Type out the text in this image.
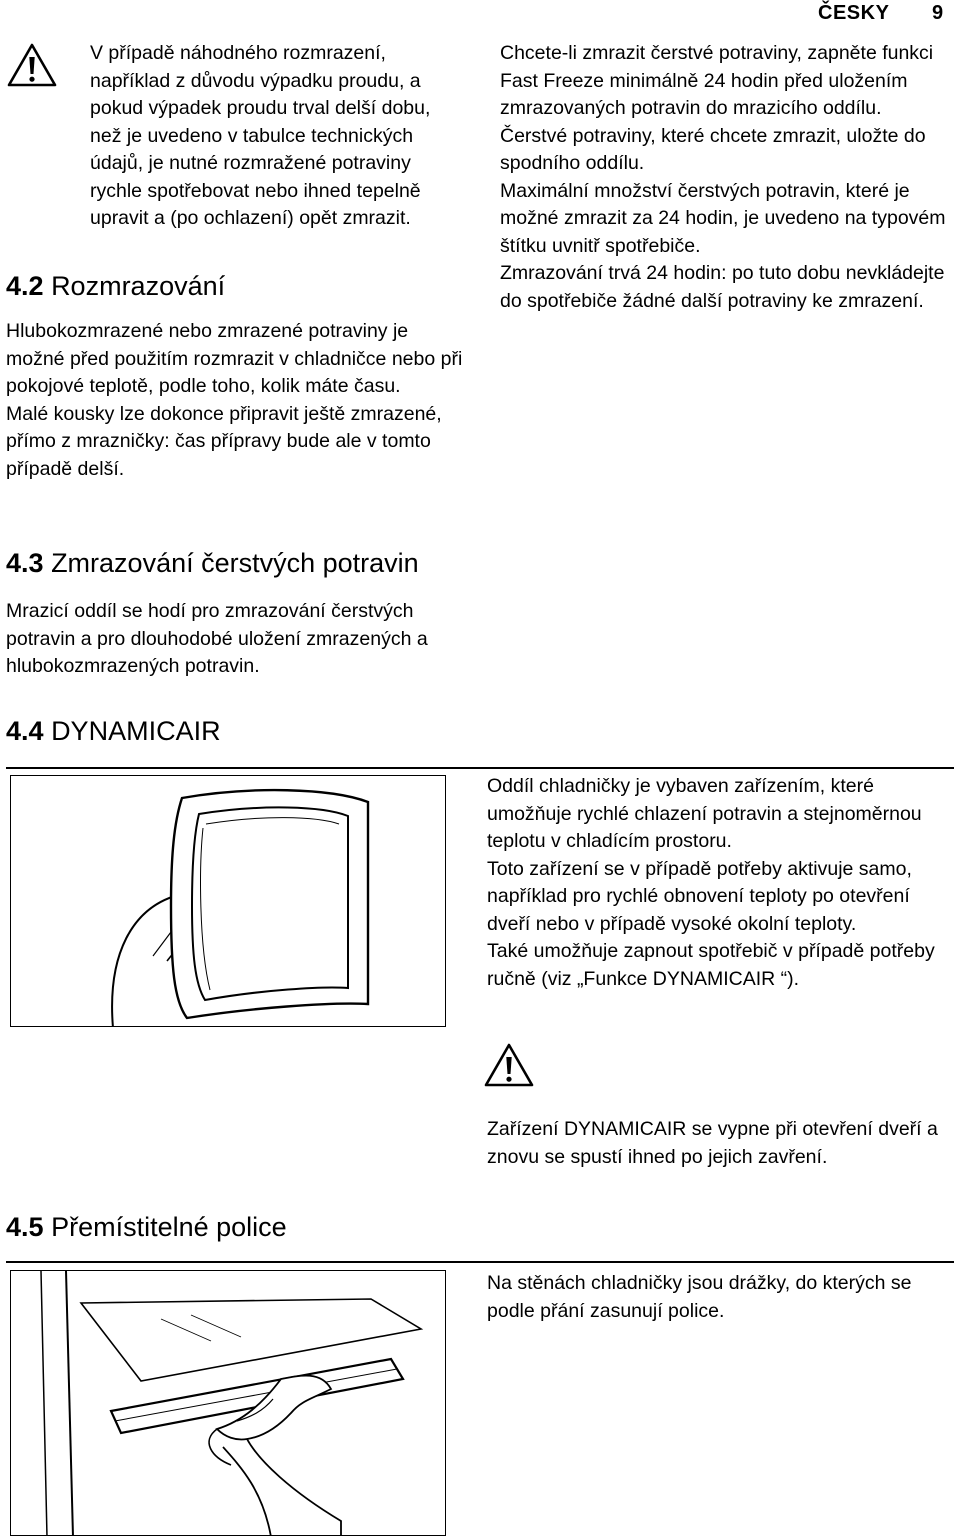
ČESKY 9

V případě náhodného rozmrazení, například z důvodu výpadku proudu, a pokud výpadek proudu trval delší dobu, než je uvedeno v tabulce technických údajů, je nutné rozmražené potraviny rychle spotřebovat nebo ihned tepelně upravit a (po ochlazení) opět zmrazit.

4.2 Rozmrazování

Hlubokozmrazené nebo zmrazené potraviny je možné před použitím rozmrazit v chladničce nebo při pokojové teplotě, podle toho, kolik máte času.

Malé kousky lze dokonce připravit ještě zmrazené, přímo z mrazničky: čas přípravy bude ale v tomto případě delší.

4.3 Zmrazování čerstvých potravin

Mrazicí oddíl se hodí pro zmrazování čerstvých potravin a pro dlouhodobé uložení zmrazených a hlubokozmrazených potravin.

Chcete-li zmrazit čerstvé potraviny, zapněte funkci Fast Freeze minimálně 24 hodin před uložením zmrazovaných potravin do mrazicího oddílu.

Čerstvé potraviny, které chcete zmrazit, uložte do spodního oddílu.

Maximální množství čerstvých potravin, které je možné zmrazit za 24 hodin, je uvedeno na typovém štítku uvnitř spotřebiče.

Zmrazování trvá 24 hodin: po tuto dobu nevkládejte do spotřebiče žádné další potraviny ke zmrazení.

4.4 DYNAMICAIR

Oddíl chladničky je vybaven zařízením, které umožňuje rychlé chlazení potravin a stejnoměrnou teplotu v chladícím prostoru.

Toto zařízení se v případě potřeby aktivuje samo, například pro rychlé obnovení teploty po otevření dveří nebo v případě vysoké okolní teploty.

Také umožňuje zapnout spotřebič v případě potřeby ručně (viz „Funkce DYNAMICAIR “).

Zařízení DYNAMICAIR se vypne při otevření dveří a znovu se spustí ihned po jejich zavření.

4.5 Přemístitelné police

Na stěnách chladničky jsou drážky, do kterých se podle přání zasunují police.
